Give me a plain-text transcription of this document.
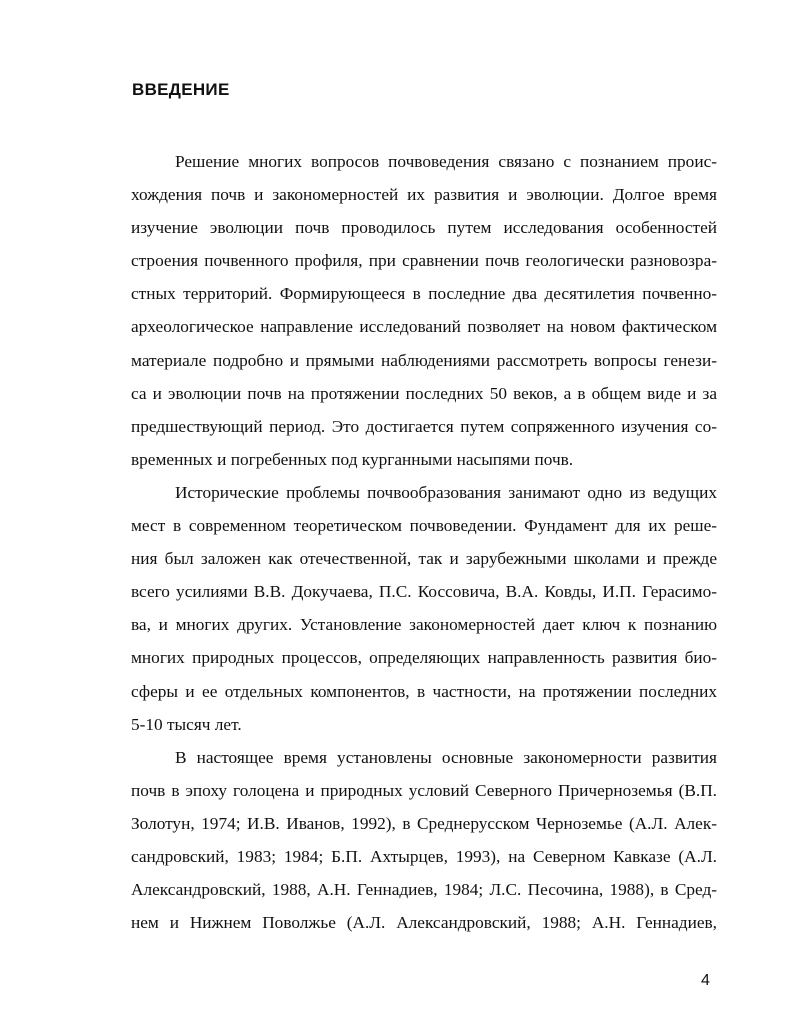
ВВЕДЕНИЕ
Решение многих вопросов почвоведения связано с познанием проис-
хождения почв и закономерностей их развития и эволюции. Долгое время
изучение эволюции почв проводилось путем исследования особенностей
строения почвенного профиля, при сравнении почв геологически разновозра-
стных территорий. Формирующееся в последние два десятилетия почвенно-
археологическое направление исследований позволяет на новом фактическом
материале подробно и прямыми наблюдениями рассмотреть вопросы генези-
са и эволюции почв на протяжении последних 50 веков, а в общем виде и за
предшествующий период. Это достигается путем сопряженного изучения со-
временных и погребенных под курганными насыпями почв.
Исторические проблемы почвообразования занимают одно из ведущих
мест в современном теоретическом почвоведении. Фундамент для их реше-
ния был заложен как отечественной, так и зарубежными школами и прежде
всего усилиями В.В. Докучаева, П.С. Коссовича, В.А. Ковды, И.П. Герасимо-
ва, и многих других. Установление закономерностей дает ключ к познанию
многих природных процессов, определяющих направленность развития био-
сферы и ее отдельных компонентов, в частности, на протяжении последних
5-10 тысяч лет.
В настоящее время установлены основные закономерности развития
почв в эпоху голоцена и природных условий Северного Причерноземья (В.П.
Золотун, 1974; И.В. Иванов, 1992), в Среднерусском Черноземье (А.Л. Алек-
сандровский, 1983; 1984; Б.П. Ахтырцев, 1993), на Северном Кавказе (А.Л.
Александровский, 1988, А.Н. Геннадиев, 1984; Л.С. Песочина, 1988), в Сред-
нем и Нижнем Поволжье (А.Л. Александровский, 1988; А.Н. Геннадиев,
4
